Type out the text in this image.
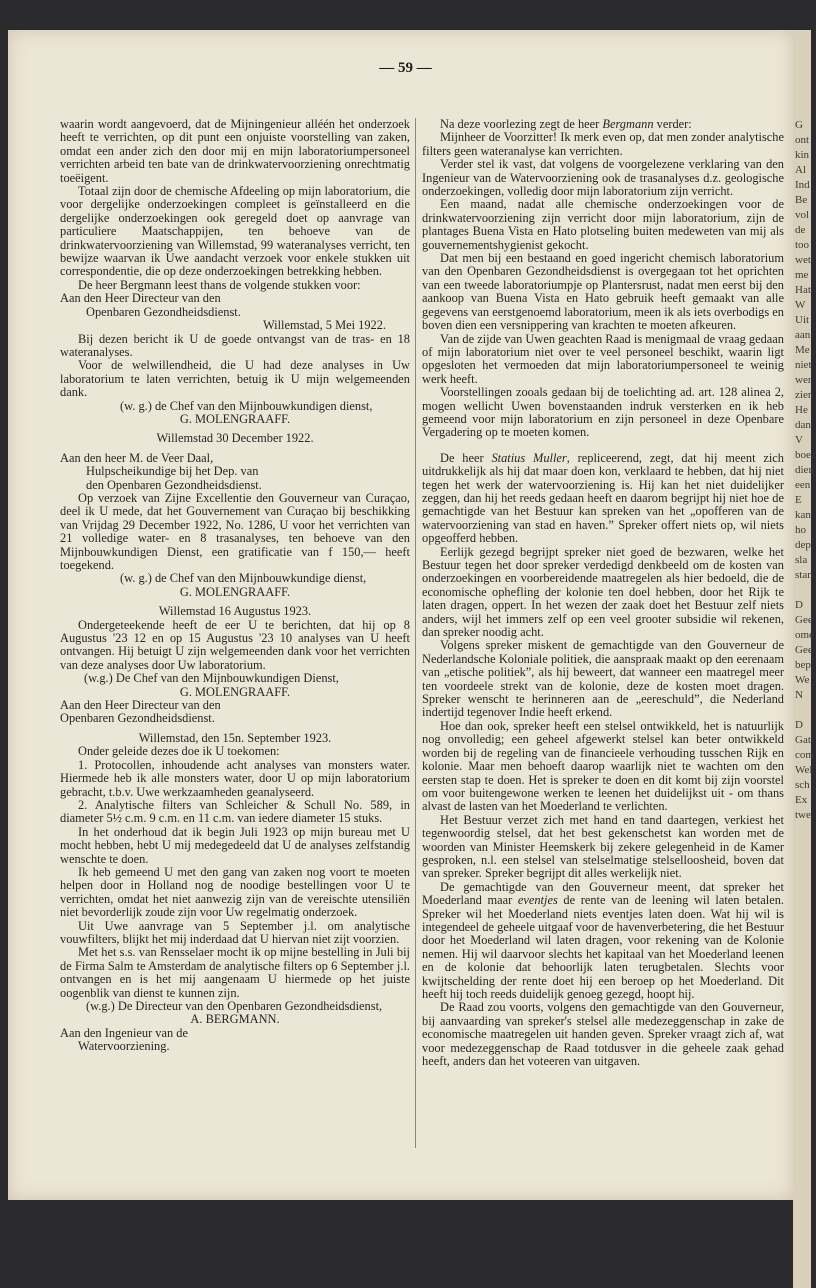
G
ont
kin
Al
Ind
Be
vol
de
too
wet
me
Hat
W
Uit
aan
Me
niet
wer
zien
He
dan
V
boez
dien
een
E
kan
ho
dep
sla
stan

D
Gee
ome
Gee
bep
We
N

D
Gat
com
Wel
sch
Ex
twe
— 59 —

waarin wordt aangevoerd, dat de Mijningenieur alléén het onderzoek heeft te verrichten, op dit punt een onjuiste voorstelling van zaken, omdat een ander zich den door mij en mijn laboratoriumpersoneel verrichten arbeid ten bate van de drinkwatervoorziening onrechtmatig toeëigent.

Totaal zijn door de chemische Afdeeling op mijn laboratorium, die voor dergelijke onderzoekingen compleet is geïnstalleerd en die dergelijke onderzoekingen ook geregeld doet op aanvrage van particuliere Maatschappijen, ten behoeve van de drinkwatervoorziening van Willemstad, 99 wateranalyses verricht, ten bewijze waarvan ik Uwe aandacht verzoek voor enkele stukken uit correspondentie, die op deze onderzoekingen betrekking hebben.

De heer Bergmann leest thans de volgende stukken voor:

Aan den Heer Directeur van den

Openbaren Gezondheidsdienst.

Willemstad, 5 Mei 1922.

Bij dezen bericht ik U de goede ontvangst van de tras- en 18 wateranalyses.

Voor de welwillendheid, die U had deze analyses in Uw laboratorium te laten verrichten, betuig ik U mijn welgemeenden dank.

(w. g.) de Chef van den Mijnbouwkundigen dienst,

G. MOLENGRAAFF.

Willemstad 30 December 1922.

Aan den heer M. de Veer Daal,

Hulpscheikundige bij het Dep. van

den Openbaren Gezondheidsdienst.

Op verzoek van Zijne Excellentie den Gouverneur van Curaçao, deel ik U mede, dat het Gouvernement van Curaçao bij beschikking van Vrijdag 29 December 1922, No. 1286, U voor het verrichten van 21 volledige water- en 8 trasanalyses, ten behoeve van den Mijnbouwkundigen Dienst, een gratificatie van f 150,— heeft toegekend.

(w. g.) de Chef van den Mijnbouwkundige dienst,

G. MOLENGRAAFF.

Willemstad 16 Augustus 1923.

Ondergeteekende heeft de eer U te berichten, dat hij op 8 Augustus '23 12 en op 15 Augustus '23 10 analyses van U heeft ontvangen. Hij betuigt U zijn welgemeenden dank voor het verrichten van deze analyses door Uw laboratorium.

(w.g.) De Chef van den Mijnbouwkundigen Dienst,

G. MOLENGRAAFF.

Aan den Heer Directeur van den

Openbaren Gezondheidsdienst.

Willemstad, den 15n. September 1923.

Onder geleide dezes doe ik U toekomen:

1. Protocollen, inhoudende acht analyses van monsters water. Hiermede heb ik alle monsters water, door U op mijn laboratorium gebracht, t.b.v. Uwe werkzaamheden geanalyseerd.

2. Analytische filters van Schleicher & Schull No. 589, in diameter 5½ c.m. 9 c.m. en 11 c.m. van iedere diameter 15 stuks.

In het onderhoud dat ik begin Juli 1923 op mijn bureau met U mocht hebben, hebt U mij medegedeeld dat U de analyses zelfstandig wenschte te doen.

Ik heb gemeend U met den gang van zaken nog voort te moeten helpen door in Holland nog de noodige bestellingen voor U te verrichten, omdat het niet aanwezig zijn van de vereischte utensiliën niet bevorderlijk zoude zijn voor Uw regelmatig onderzoek.

Uit Uwe aanvrage van 5 September j.l. om analytische vouwfilters, blijkt het mij inderdaad dat U hiervan niet zijt voorzien.

Met het s.s. van Rensselaer mocht ik op mijne bestelling in Juli bij de Firma Salm te Amsterdam de analytische filters op 6 September j.l. ontvangen en is het mij aangenaam U hiermede op het juiste oogenblik van dienst te kunnen zijn.

(w.g.) De Directeur van den Openbaren Gezondheidsdienst,

A. BERGMANN.

Aan den Ingenieur van de

Watervoorziening.

Na deze voorlezing zegt de heer Bergmann verder:

Mijnheer de Voorzitter! Ik merk even op, dat men zonder analytische filters geen wateranalyse kan verrichten.

Verder stel ik vast, dat volgens de voorgelezene verklaring van den Ingenieur van de Watervoorziening ook de trasanalyses d.z. geologische onderzoekingen, volledig door mijn laboratorium zijn verricht.

Een maand, nadat alle chemische onderzoekingen voor de drinkwatervoorziening zijn verricht door mijn laboratorium, zijn de plantages Buena Vista en Hato plotseling buiten medeweten van mij als gouvernementshygienist gekocht.

Dat men bij een bestaand en goed ingericht chemisch laboratorium van den Openbaren Gezondheidsdienst is overgegaan tot het oprichten van een tweede laboratoriumpje op Plantersrust, nadat men eerst bij den aankoop van Buena Vista en Hato gebruik heeft gemaakt van alle gegevens van eerstgenoemd laboratorium, meen ik als iets overbodigs en boven dien een versnippering van krachten te moeten afkeuren.

Van de zijde van Uwen geachten Raad is menigmaal de vraag gedaan of mijn laboratorium niet over te veel personeel beschikt, waarin ligt opgesloten het vermoeden dat mijn laboratoriumpersoneel te weinig werk heeft.

Voorstellingen zooals gedaan bij de toelichting ad. art. 128 alinea 2, mogen wellicht Uwen bovenstaanden indruk versterken en ik heb gemeend voor mijn laboratorium en zijn personeel in deze Openbare Vergadering op te moeten komen.

De heer Statius Muller, repliceerend, zegt, dat hij meent zich uitdrukkelijk als hij dat maar doen kon, verklaard te hebben, dat hij niet tegen het werk der watervoorziening is. Hij kan het niet duidelijker zeggen, dan hij het reeds gedaan heeft en daarom begrijpt hij niet hoe de gemachtigde van het Bestuur kan spreken van het „opofferen van de watervoorziening van stad en haven.” Spreker offert niets op, wil niets opgeofferd hebben.

Eerlijk gezegd begrijpt spreker niet goed de bezwaren, welke het Bestuur tegen het door spreker verdedigd denkbeeld om de kosten van onderzoekingen en voorbereidende maatregelen als hier bedoeld, die de economische ophefling der kolonie ten doel hebben, door het Rijk te laten dragen, oppert. In het wezen der zaak doet het Bestuur zelf niets anders, wijl het immers zelf op een veel grooter subsidie wil rekenen, dan spreker noodig acht.

Volgens spreker miskent de gemachtigde van den Gouverneur de Nederlandsche Koloniale politiek, die aanspraak maakt op den eerenaam van „etische politiek”, als hij beweert, dat wanneer een maatregel meer ten voordeele strekt van de kolonie, deze de kosten moet dragen. Spreker wenscht te herinneren aan de „eereschuld”, die Nederland indertijd tegenover Indie heeft erkend.

Hoe dan ook, spreker heeft een stelsel ontwikkeld, het is natuurlijk nog onvolledig; een geheel afgewerkt stelsel kan beter ontwikkeld worden bij de regeling van de financieele verhouding tusschen Rijk en kolonie. Maar men behoeft daarop waarlijk niet te wachten om den eersten stap te doen. Het is spreker te doen en dit komt bij zijn voorstel om voor buitengewone werken te leenen het duidelijkst uit - om thans alvast de lasten van het Moederland te verlichten.

Het Bestuur verzet zich met hand en tand daartegen, verkiest het tegenwoordig stelsel, dat het best gekenschetst kan worden met de woorden van Minister Heemskerk bij zekere gelegenheid in de Kamer gesproken, n.l. een stelsel van stelselmatige stelselloosheid, boven dat van spreker. Spreker begrijpt dit alles werkelijk niet.

De gemachtigde van den Gouverneur meent, dat spreker het Moederland maar eventjes de rente van de leening wil laten betalen. Spreker wil het Moederland niets eventjes laten doen. Wat hij wil is integendeel de geheele uitgaaf voor de havenverbetering, die het Bestuur door het Moederland wil laten dragen, voor rekening van de Kolonie nemen. Hij wil daarvoor slechts het kapitaal van het Moederland leenen en de kolonie dat behoorlijk laten terugbetalen. Slechts voor kwijtschelding der rente doet hij een beroep op het Moederland. Dit heeft hij toch reeds duidelijk genoeg gezegd, hoopt hij.

De Raad zou voorts, volgens den gemachtigde van den Gouverneur, bij aanvaarding van spreker's stelsel alle medezeggenschap in zake de economische maatregelen uit handen geven. Spreker vraagt zich af, wat voor medezeggenschap de Raad totdusver in die geheele zaak gehad heeft, anders dan het voteeren van uitgaven.
